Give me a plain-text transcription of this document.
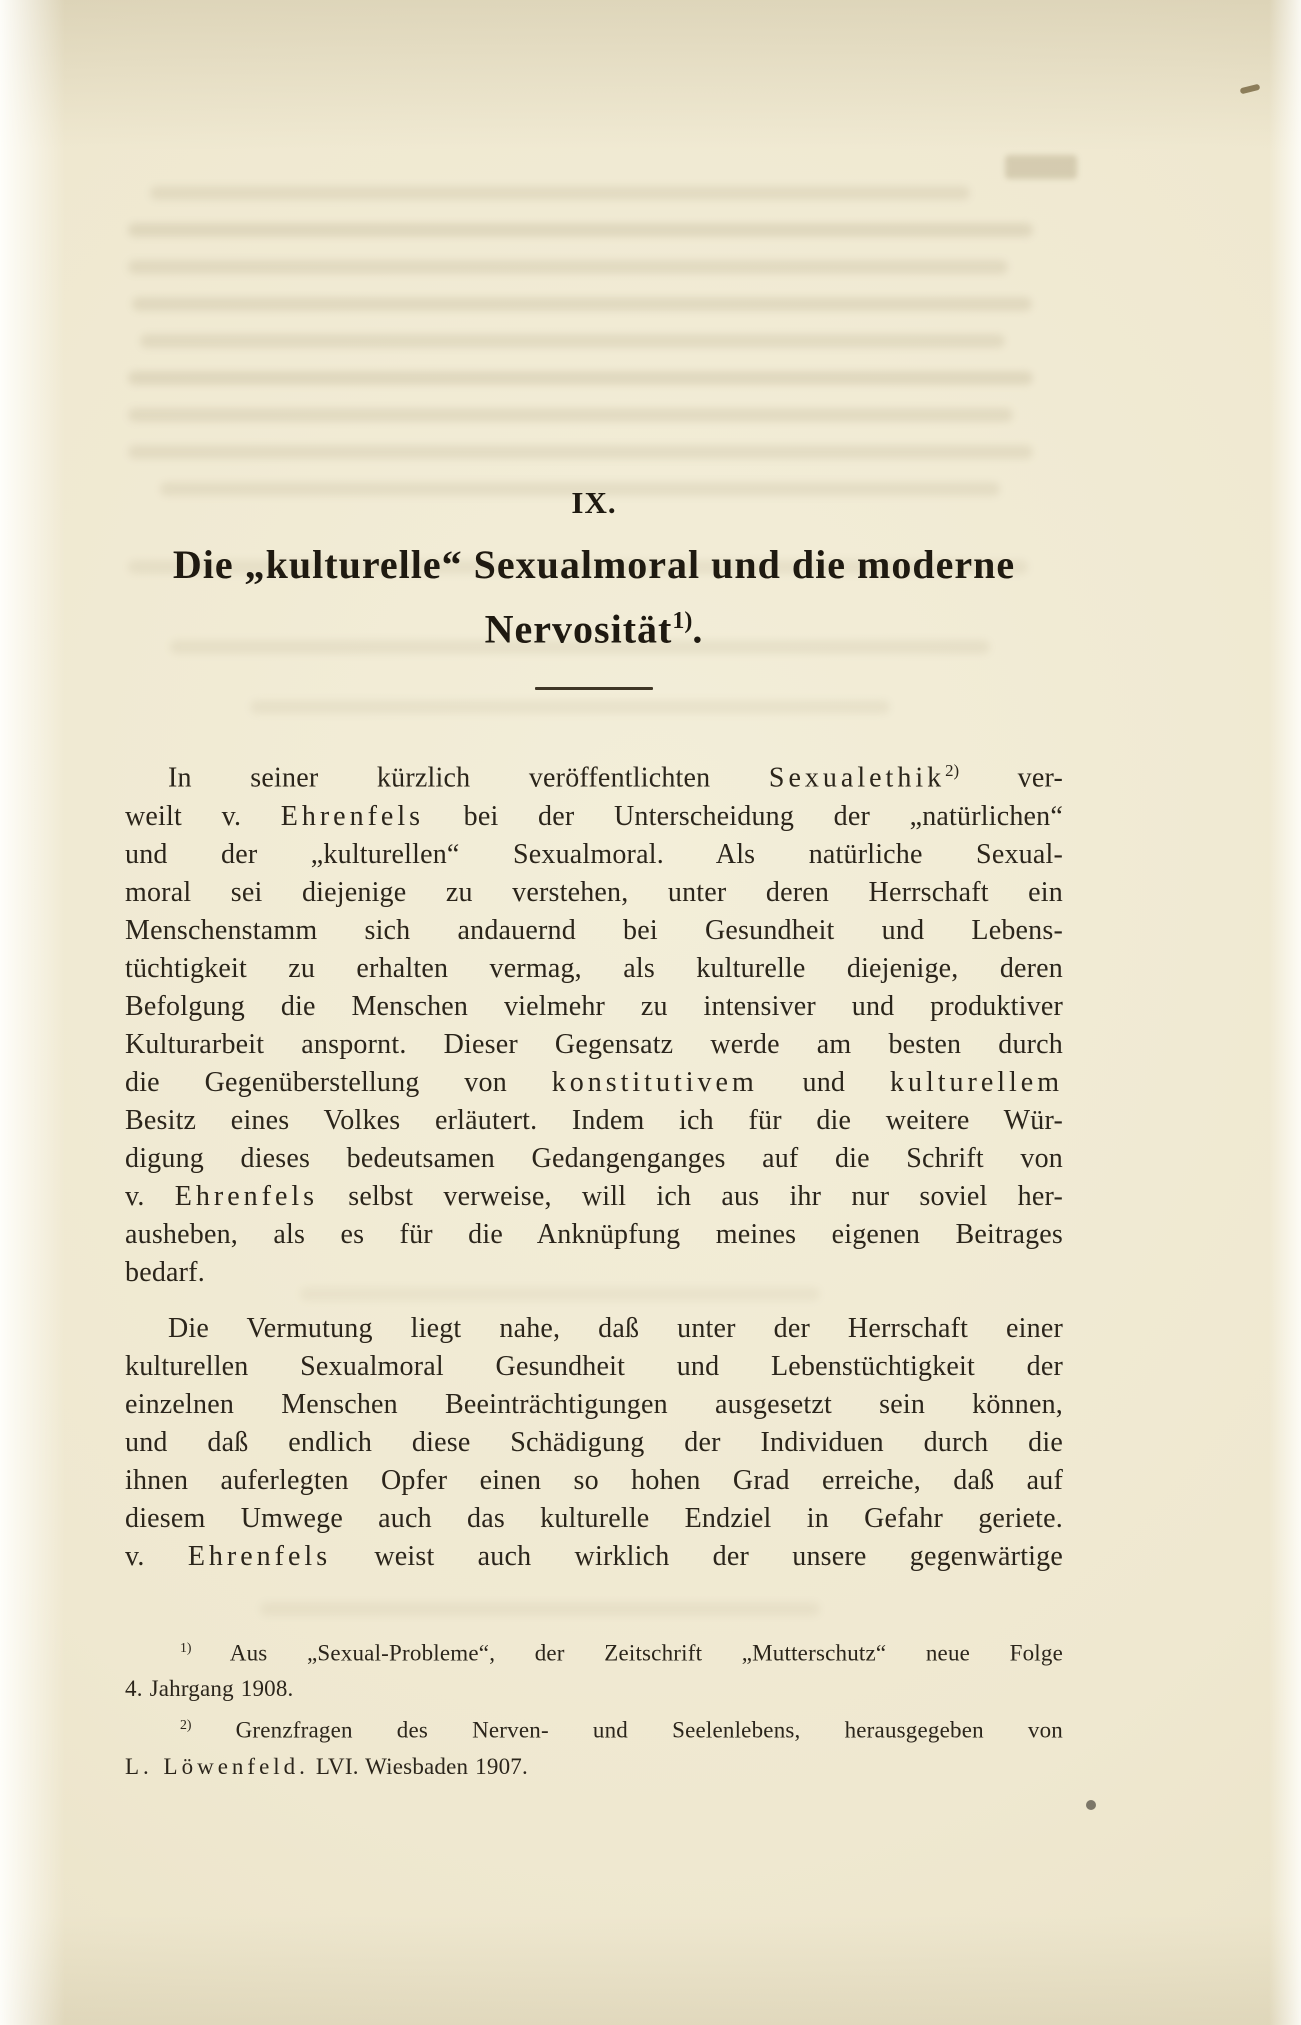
IX.
Die „kulturelle“ Sexualmoral und die moderne
Nervosität$^{1)}$.
In seiner kürzlich veröffentlichten Sexualethik$^{2)}$ ver-
weilt v. Ehrenfels bei der Unterscheidung der „natürlichen“
und der „kulturellen“ Sexualmoral. Als natürliche Sexual-
moral sei diejenige zu verstehen, unter deren Herrschaft ein
Menschenstamm sich andauernd bei Gesundheit und Lebens-
tüchtigkeit zu erhalten vermag, als kulturelle diejenige, deren
Befolgung die Menschen vielmehr zu intensiver und produktiver
Kulturarbeit anspornt. Dieser Gegensatz werde am besten durch
die Gegenüberstellung von konstitutivem und kulturellem
Besitz eines Volkes erläutert. Indem ich für die weitere Wür-
digung dieses bedeutsamen Gedangenganges auf die Schrift von
v. Ehrenfels selbst verweise, will ich aus ihr nur soviel her-
ausheben, als es für die Anknüpfung meines eigenen Beitrages
bedarf.
Die Vermutung liegt nahe, daß unter der Herrschaft einer
kulturellen Sexualmoral Gesundheit und Lebenstüchtigkeit der
einzelnen Menschen Beeinträchtigungen ausgesetzt sein können,
und daß endlich diese Schädigung der Individuen durch die
ihnen auferlegten Opfer einen so hohen Grad erreiche, daß auf
diesem Umwege auch das kulturelle Endziel in Gefahr geriete.
v. Ehrenfels weist auch wirklich der unsere gegenwärtige
$^{1)}$ Aus „Sexual-Probleme“, der Zeitschrift „Mutterschutz“ neue Folge
4. Jahrgang 1908.
$^{2)}$ Grenzfragen des Nerven- und Seelenlebens, herausgegeben von
L. Löwenfeld. LVI. Wiesbaden 1907.
